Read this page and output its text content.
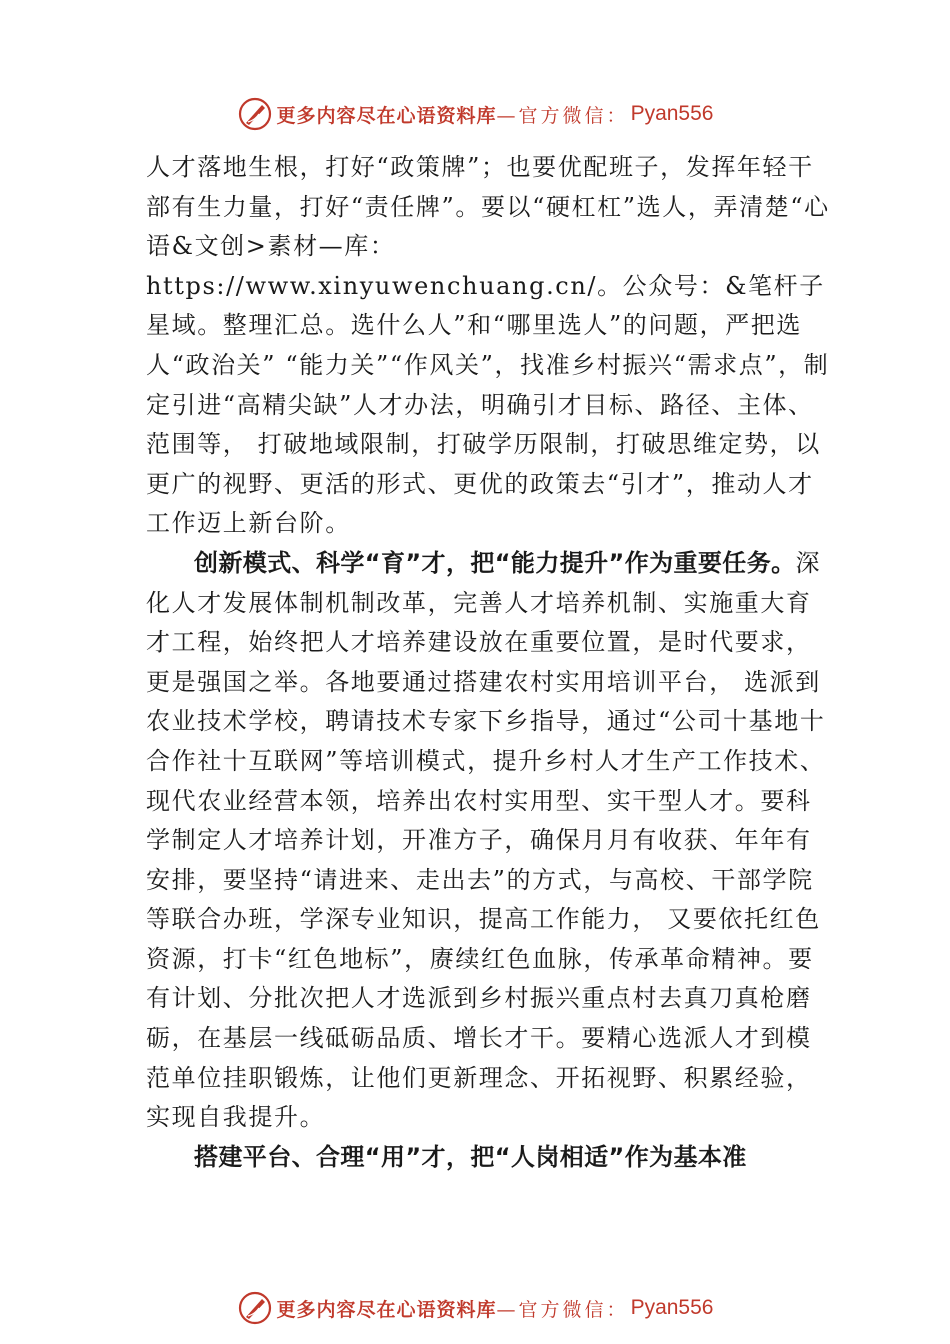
更多内容尽在心语资料库 —官方微信： Pyan556

人才落地生根，打好“政策牌”；也要优配班子，发挥年轻干部有生力量，打好“责任牌”。要以“硬杠杠”选人，弄清楚“心语&文创>素材—库：https://www.xinyuwenchuang.cn/。公众号：&笔杆子星域。整理汇总。选什么人”和“哪里选人”的问题，严把选人“政治关” “能力关”“作风关”，找准乡村振兴“需求点”，制定引进“高精尖缺”人才办法，明确引才目标、路径、主体、范围等， 打破地域限制，打破学历限制，打破思维定势，以更广的视野、更活的形式、更优的政策去“引才”，推动人才工作迈上新台阶。

创新模式、科学“育”才，把“能力提升”作为重要任务。深化人才发展体制机制改革，完善人才培养机制、实施重大育才工程，始终把人才培养建设放在重要位置，是时代要求，更是强国之举。各地要通过搭建农村实用培训平台， 选派到农业技术学校，聘请技术专家下乡指导，通过“公司十基地十合作社十互联网”等培训模式，提升乡村人才生产工作技术、现代农业经营本领，培养出农村实用型、实干型人才。要科学制定人才培养计划，开准方子，确保月月有收获、年年有安排，要坚持“请进来、走出去”的方式，与高校、干部学院等联合办班，学深专业知识，提高工作能力， 又要依托红色资源，打卡“红色地标”，赓续红色血脉，传承革命精神。要有计划、分批次把人才选派到乡村振兴重点村去真刀真枪磨砺，在基层一线砥砺品质、增长才干。要精心选派人才到模范单位挂职锻炼，让他们更新理念、开拓视野、积累经验，实现自我提升。

搭建平台、合理“用”才，把“人岗相适”作为基本准

更多内容尽在心语资料库 —官方微信： Pyan556
